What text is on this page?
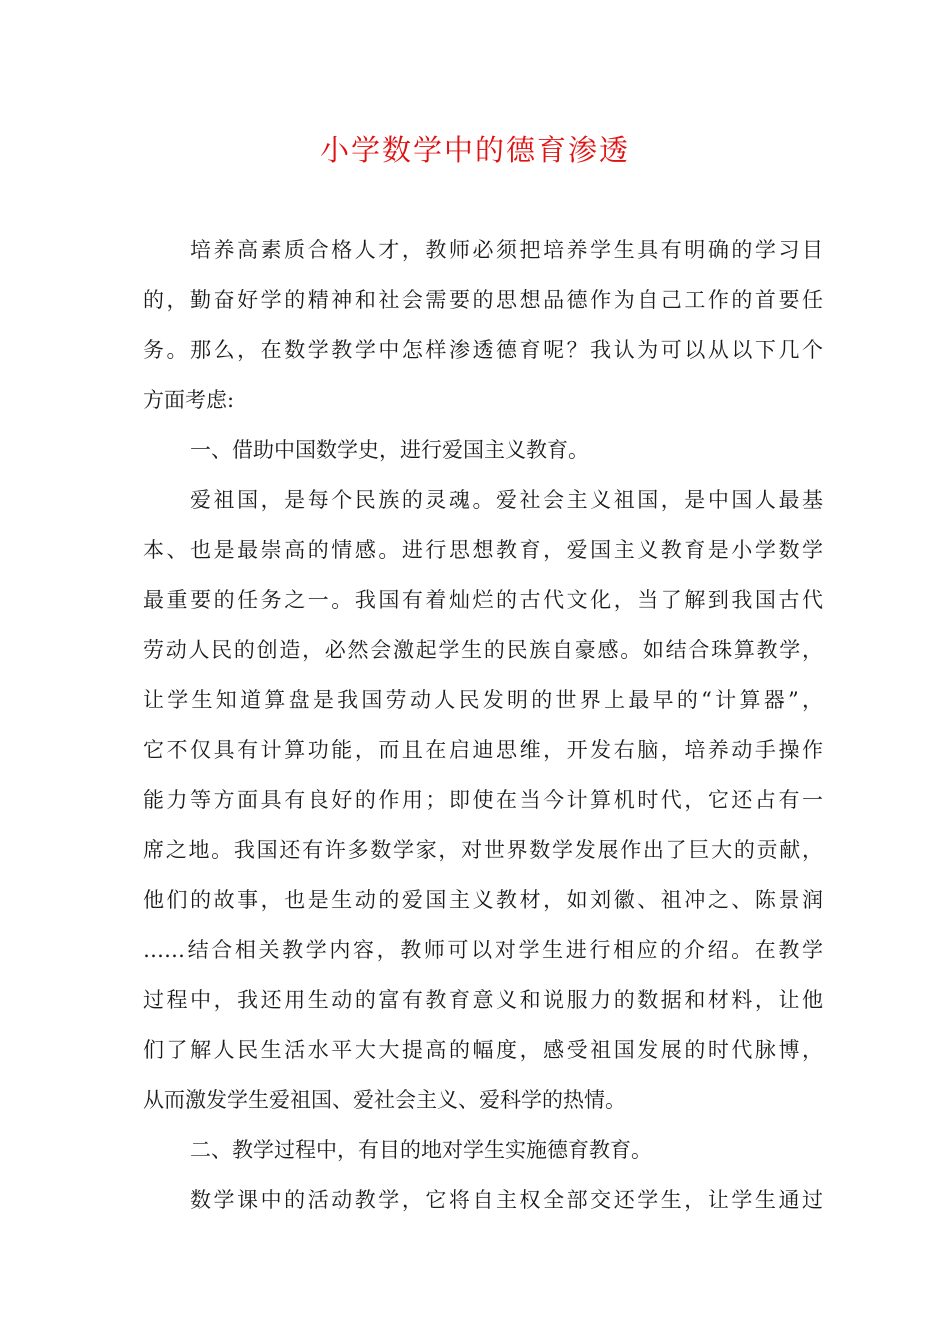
小学数学中的德育渗透

培养高素质合格人才，教师必须把培养学生具有明确的学习目

的，勤奋好学的精神和社会需要的思想品德作为自己工作的首要任

务。那么，在数学教学中怎样渗透德育呢？我认为可以从以下几个

方面考虑:

一、借助中国数学史，进行爱国主义教育。

爱祖国，是每个民族的灵魂。爱社会主义祖国，是中国人最基

本、也是最崇高的情感。进行思想教育，爱国主义教育是小学数学

最重要的任务之一。我国有着灿烂的古代文化，当了解到我国古代

劳动人民的创造，必然会激起学生的民族自豪感。如结合珠算教学，

让学生知道算盘是我国劳动人民发明的世界上最早的“计算器”，

它不仅具有计算功能，而且在启迪思维，开发右脑，培养动手操作

能力等方面具有良好的作用；即使在当今计算机时代，它还占有一

席之地。我国还有许多数学家，对世界数学发展作出了巨大的贡献，

他们的故事，也是生动的爱国主义教材，如刘徽、祖冲之、陈景润

……结合相关教学内容，教师可以对学生进行相应的介绍。在教学

过程中，我还用生动的富有教育意义和说服力的数据和材料，让他

们了解人民生活水平大大提高的幅度，感受祖国发展的时代脉博，

从而激发学生爱祖国、爱社会主义、爱科学的热情。

二、教学过程中，有目的地对学生实施德育教育。

数学课中的活动教学，它将自主权全部交还学生，让学生通过
